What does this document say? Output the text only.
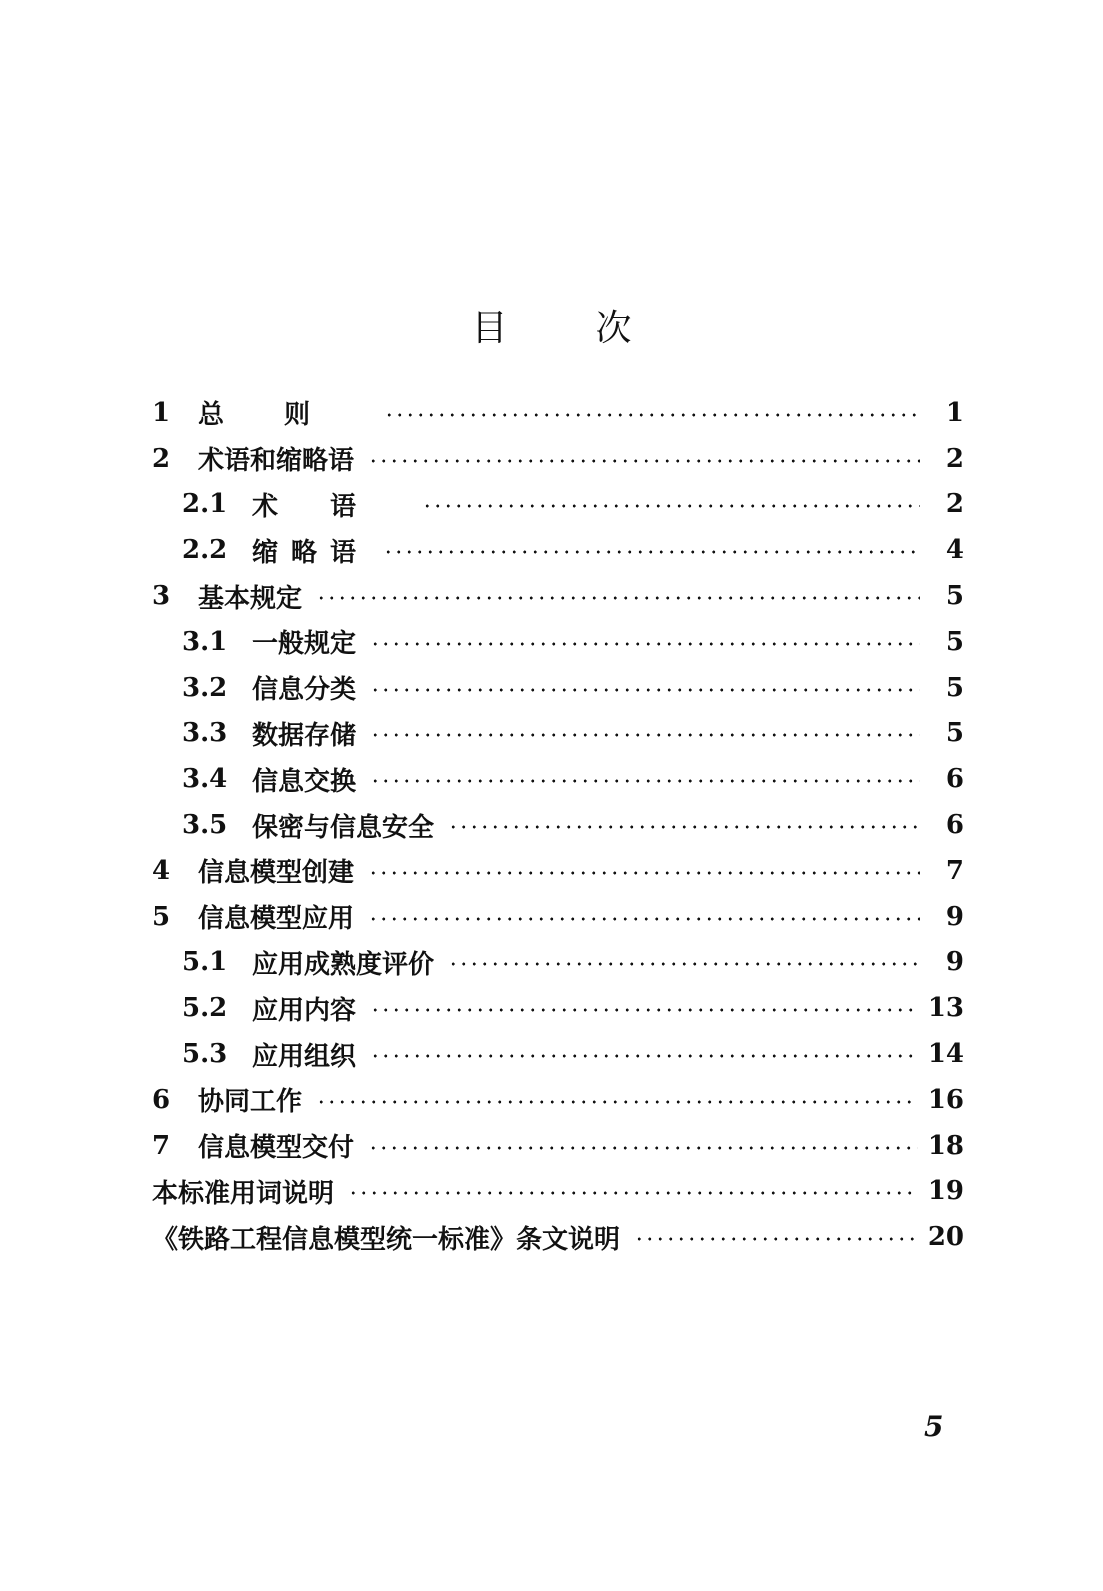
目 次
1	总则	1
2	术语和缩略语	2
2.1 术语	2
2.2 缩略语	4
3	基本规定	5
3.1 一般规定	5
3.2 信息分类	5
3.3 数据存储	5
3.4 信息交换	6
3.5 保密与信息安全	6
4	信息模型创建	7
5	信息模型应用	9
5.1 应用成熟度评价	9
5.2 应用内容	13
5.3 应用组织	14
6	协同工作	16
7	信息模型交付	18
本标准用词说明	19
《铁路工程信息模型统一标准》条文说明	20
5
